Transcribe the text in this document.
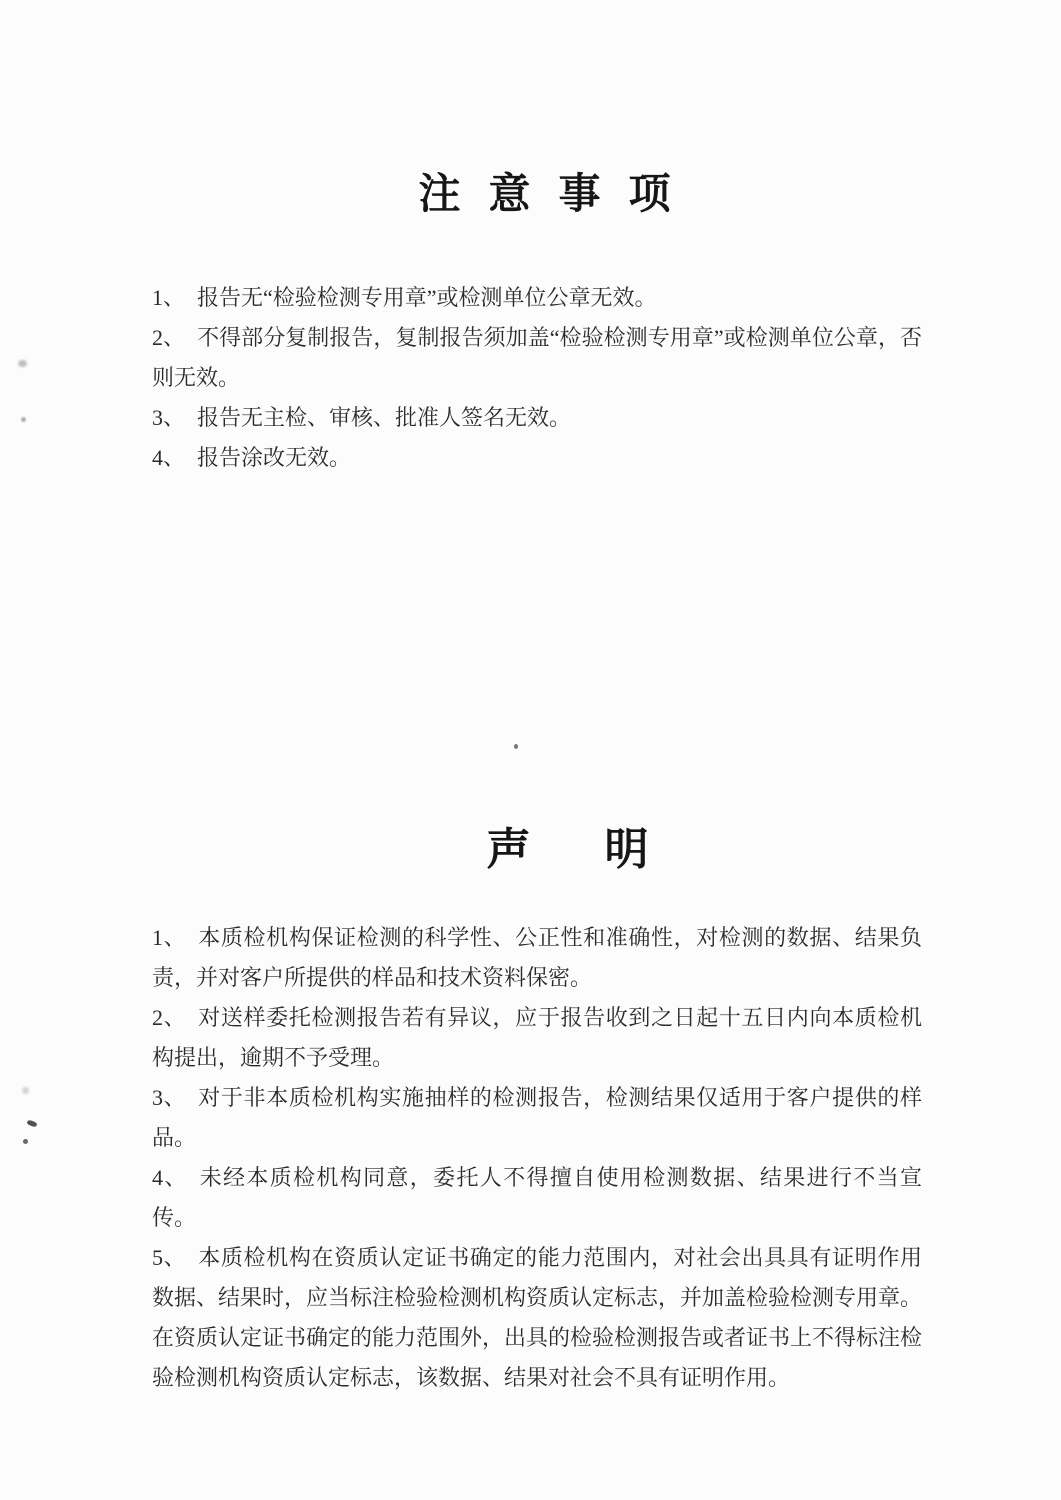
注意事项

1、 报告无“检验检测专用章”或检测单位公章无效。

2、 不得部分复制报告，复制报告须加盖“检验检测专用章”或检测单位公章，否则无效。

3、 报告无主检、审核、批准人签名无效。

4、 报告涂改无效。

声明

1、 本质检机构保证检测的科学性、公正性和准确性，对检测的数据、结果负责，并对客户所提供的样品和技术资料保密。

2、 对送样委托检测报告若有异议，应于报告收到之日起十五日内向本质检机构提出，逾期不予受理。

3、 对于非本质检机构实施抽样的检测报告，检测结果仅适用于客户提供的样品。

4、 未经本质检机构同意，委托人不得擅自使用检测数据、结果进行不当宣传。

5、 本质检机构在资质认定证书确定的能力范围内，对社会出具具有证明作用数据、结果时，应当标注检验检测机构资质认定标志，并加盖检验检测专用章。在资质认定证书确定的能力范围外，出具的检验检测报告或者证书上不得标注检验检测机构资质认定标志，该数据、结果对社会不具有证明作用。
